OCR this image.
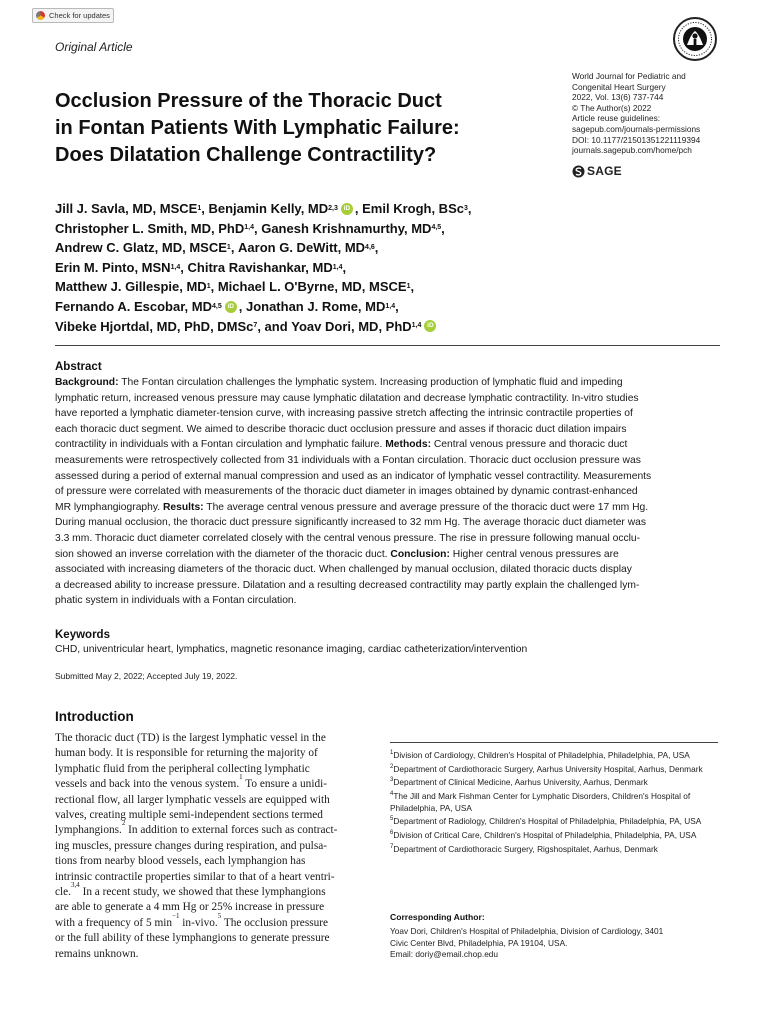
Check for updates
Original Article
World Journal for Pediatric and
Congenital Heart Surgery
2022, Vol. 13(6) 737-744
© The Author(s) 2022
Article reuse guidelines:
sagepub.com/journals-permissions
DOI: 10.1177/21501351221119394
journals.sagepub.com/home/pch
SAGE
Occlusion Pressure of the Thoracic Duct
in Fontan Patients With Lymphatic Failure:
Does Dilatation Challenge Contractility?
Jill J. Savla, MD, MSCE 1 , Benjamin Kelly, MD 2,3 iD , Emil Krogh, BSc 3 ,
Christopher L. Smith, MD, PhD 1,4 , Ganesh Krishnamurthy, MD 4,5 ,
Andrew C. Glatz, MD, MSCE 1 , Aaron G. DeWitt, MD 4,6 ,
Erin M. Pinto, MSN 1,4 , Chitra Ravishankar, MD 1,4 ,
Matthew J. Gillespie, MD 1 , Michael L. O'Byrne, MD, MSCE 1 ,
Fernando A. Escobar, MD 4,5 iD , Jonathan J. Rome, MD 1,4 ,
Vibeke Hjortdal, MD, PhD, DMSc 7 , and Yoav Dori, MD, PhD 1,4 iD
Abstract
Background: The Fontan circulation challenges the lymphatic system. Increasing production of lymphatic fluid and impeding
lymphatic return, increased venous pressure may cause lymphatic dilatation and decrease lymphatic contractility. In-vitro studies
have reported a lymphatic diameter-tension curve, with increasing passive stretch affecting the intrinsic contractile properties of
each thoracic duct segment. We aimed to describe thoracic duct occlusion pressure and asses if thoracic duct dilation impairs
contractility in individuals with a Fontan circulation and lymphatic failure. Methods: Central venous pressure and thoracic duct
measurements were retrospectively collected from 31 individuals with a Fontan circulation. Thoracic duct occlusion pressure was
assessed during a period of external manual compression and used as an indicator of lymphatic vessel contractility. Measurements
of pressure were correlated with measurements of the thoracic duct diameter in images obtained by dynamic contrast-enhanced
MR lymphangiography. Results: The average central venous pressure and average pressure of the thoracic duct were 17 mm Hg.
During manual occlusion, the thoracic duct pressure significantly increased to 32 mm Hg. The average thoracic duct diameter was
3.3 mm. Thoracic duct diameter correlated closely with the central venous pressure. The rise in pressure following manual occlu-
sion showed an inverse correlation with the diameter of the thoracic duct. Conclusion: Higher central venous pressures are
associated with increasing diameters of the thoracic duct. When challenged by manual occlusion, dilated thoracic ducts display
a decreased ability to increase pressure. Dilatation and a resulting decreased contractility may partly explain the challenged lym-
phatic system in individuals with a Fontan circulation.
Keywords
CHD, univentricular heart, lymphatics, magnetic resonance imaging, cardiac catheterization/intervention
Submitted May 2, 2022; Accepted July 19, 2022.
Introduction
The thoracic duct (TD) is the largest lymphatic vessel in the
human body. It is responsible for returning the majority of
lymphatic fluid from the peripheral collecting lymphatic
vessels and back into the venous system.
1
To ensure a unidi-
rectional flow, all larger lymphatic vessels are equipped with
valves, creating multiple semi-independent sections termed
lymphangions.
2
In addition to external forces such as contract-
ing muscles, pressure changes during respiration, and pulsa-
tions from nearby blood vessels, each lymphangion has
intrinsic contractile properties similar to that of a heart ventri-
cle.
3,4
In a recent study, we showed that these lymphangions
are able to generate a 4 mm Hg or 25% increase in pressure
with a frequency of 5 min
−1
in-vivo.
5
The occlusion pressure
or the full ability of these lymphangions to generate pressure
remains unknown.
$^1$Division of Cardiology, Children's Hospital of Philadelphia, Philadelphia, PA, USA
$^2$Department of Cardiothoracic Surgery, Aarhus University Hospital, Aarhus, Denmark
$^3$Department of Clinical Medicine, Aarhus University, Aarhus, Denmark
$^4$The Jill and Mark Fishman Center for Lymphatic Disorders, Children's Hospital of Philadelphia, PA, USA
$^5$Department of Radiology, Children's Hospital of Philadelphia, Philadelphia, PA, USA
$^6$Division of Critical Care, Children's Hospital of Philadelphia, Philadelphia, PA, USA
$^7$Department of Cardiothoracic Surgery, Rigshospitalet, Aarhus, Denmark
Corresponding Author:
Yoav Dori, Children's Hospital of Philadelphia, Division of Cardiology, 3401
Civic Center Blvd, Philadelphia, PA 19104, USA.
Email: doriy@email.chop.edu
